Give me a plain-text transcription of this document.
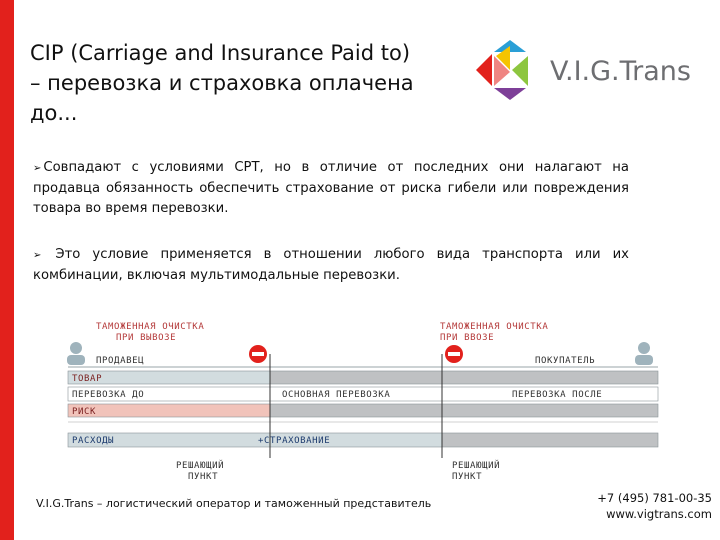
CIP (Carriage and Insurance Paid to)
– перевозка и страховка оплачена
до...
V.I.G.Trans
➢ Совпадают с условиями CPT, но в отличие от последних они налагают на продавца обязанность обеспечить страхование от риска гибели или повреждения товара во время перевозки.
➢ Это условие применяется в отношении любого вида транспорта или их комбинации, включая мультимодальные перевозки.
ТАМОЖЕННАЯ ОЧИСТКА
ПРИ ВЫВОЗЕ
ТАМОЖЕННАЯ ОЧИСТКА
ПРИ ВВОЗЕ
ПРОДАВЕЦ	ПОКУПАТЕЛЬ
ТОВАР
ПЕРЕВОЗКА ДО	ОСНОВНАЯ ПЕРЕВОЗКА	ПЕРЕВОЗКА ПОСЛЕ
РИСК
РАСХОДЫ	+СТРАХОВАНИЕ
РЕШАЮЩИЙ
ПУНКТ
РЕШАЮЩИЙ
ПУНКТ
V.I.G.Trans – логистический оператор и таможенный представитель	+7 (495) 781-00-35
www.vigtrans.com
